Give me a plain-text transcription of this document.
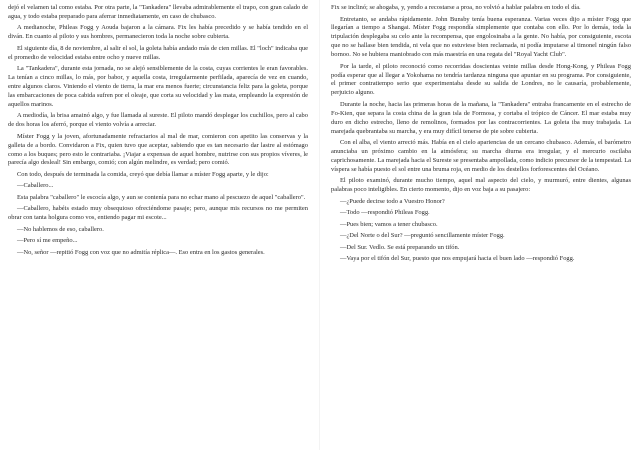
dejó el velamen tal como estaba. Por otra parte, la "Tankadera" llevaba admirablemente el trapo, con gran calado de agua, y todo estaba preparado para aferrar inmediatamente, en caso de chubasco.

A medianoche, Phileas Fogg y Aouda bajaron a la cámara. Fix les había precedido y se había tendido en el diván. En cuanto al piloto y sus hombres, permanecieron toda la noche sobre cubierta.

El siguiente día, 8 de noviembre, al salir el sol, la goleta había andado más de cien millas. El "loch" indicaba que el promedio de velocidad estaba entre ocho y nueve millas.

La "Tankadera", durante esta jornada, no se alejó sensiblemente de la costa, cuyas corrientes le eran favorables. La tenían a cinco millas, lo más, por babor, y aquella costa, irregularmente perfilada, aparecía de vez en cuando, entre algunos claros. Viniendo el viento de tierra, la mar era menos fuerte; circunstancia feliz para la goleta, porque las embarcaciones de poca cabida sufren por el oleaje, que corta su velocidad y las mata, empleando la expresión de aquellos marinos.

A mediodía, la brisa amainó algo, y fue llamada al sureste. El piloto mandó desplegar los cuchillos, pero al cabo de dos horas los aferró, porque el viento volvía a arreciar.

Míster Fogg y la joven, afortunadamente refractarios al mal de mar, comieron con apetito las conservas y la galleta de a bordo. Convidaron a Fix, quien tuvo que aceptar, sabiendo que es tan necesario dar lastre al estómago como a los buques; pero esto le contrariaba. ¡Viajar a expensas de aquel hombre, nutrirse con sus propios víveres, le parecía algo desleal! Sin embargo, comió; con algún melindre, es verdad; pero comió.

Con todo, después de terminada la comida, creyó que debía llamar a míster Fogg aparte, y le dijo:

—Caballero...

Esta palabra "caballero" le escocía algo, y aun se contenía para no echar mano al pescuezo de aquel "caballero".

—Caballero, habéis estado muy obsequioso ofreciéndome pasaje; pero, aunque mis recursos no me permiten obrar con tanta holgura como vos, entiendo pagar mi escote...

—No hablemos de eso, caballero.

—Pero sí me empeño...

—No, señor —repitió Fogg con voz que no admitía réplica—. Eso entra en los gastos generales.

Fix se inclinó; se ahogaba, y, yendo a recostarse a proa, no volvió a hablar palabra en todo el día.

Entretanto, se andaba rápidamente. John Bunsby tenía buena esperanza. Varias veces dijo a míster Fogg que llegarían a tiempo a Shangai. Míster Fogg respondía simplemente que contaba con ello. Por lo demás, toda la tripulación desplegaba su celo ante la recompensa, que engolosinaba a la gente. No había, por consiguiente, escota que no se hallase bien tendida, ni vela que no estuviese bien reclamada, ni podía imputarse al timonel ningún falso bornoo. No se hubiera maniobrado con más maestría en una regata del "Royal Yacht Club".

Por la tarde, el piloto reconoció como recorridas doscientas veinte millas desde Hong-Kong, y Phileas Fogg podía esperar que al llegar a Yokohama no tendría tardanza ninguna que apuntar en su programa. Por consiguiente, el primer contratiempo serio que experimentaba desde su salida de Londres, no le causaría, probablemente, perjuicio alguno.

Durante la noche, hacia las primeras horas de la mañana, la "Tankadera" entraba francamente en el estrecho de Fo-Kien, que separa la costa china de la gran isla de Formosa, y cortaba el trópico de Cáncer. El mar estaba muy duro en dicho estrecho, lleno de remolinos, formados por las contracorrientes. La goleta iba muy trabajada. La marejada quebrantaba su marcha, y era muy difícil tenerse de pie sobre cubierta.

Con el alba, el viento arreció más. Había en el cielo apariencias de un cercano chubasco. Además, el barómetro anunciaba un próximo cambio en la atmósfera; su marcha diurna era irregular, y el mercurio oscilaba caprichosamente. La marejada hacia el Sureste se presentaba ampollada, como indicio precursor de la tempestad. La víspera se había puesto el sol entre una bruma roja, en medio de los destellos forforescentes del Océano.

El piloto examinó, durante mucho tiempo, aquel mal aspecto del cielo, y murmuró, entre dientes, algunas palabras poco inteligibles. En cierto momento, dijo en voz baja a su pasajero:

—¿Puede decirse todo a Vuestro Honor?

—Todo —respondió Phileas Fogg.

—Pues bien; vamos a tener chubasco.

—¿Del Norte o del Sur? —preguntó sencillamente míster Fogg.

—Del Sur. Vedlo. Se está preparando un tifón.

—Vaya por el tifón del Sur, puesto que nos empujará hacia el buen lado —respondió Fogg.
